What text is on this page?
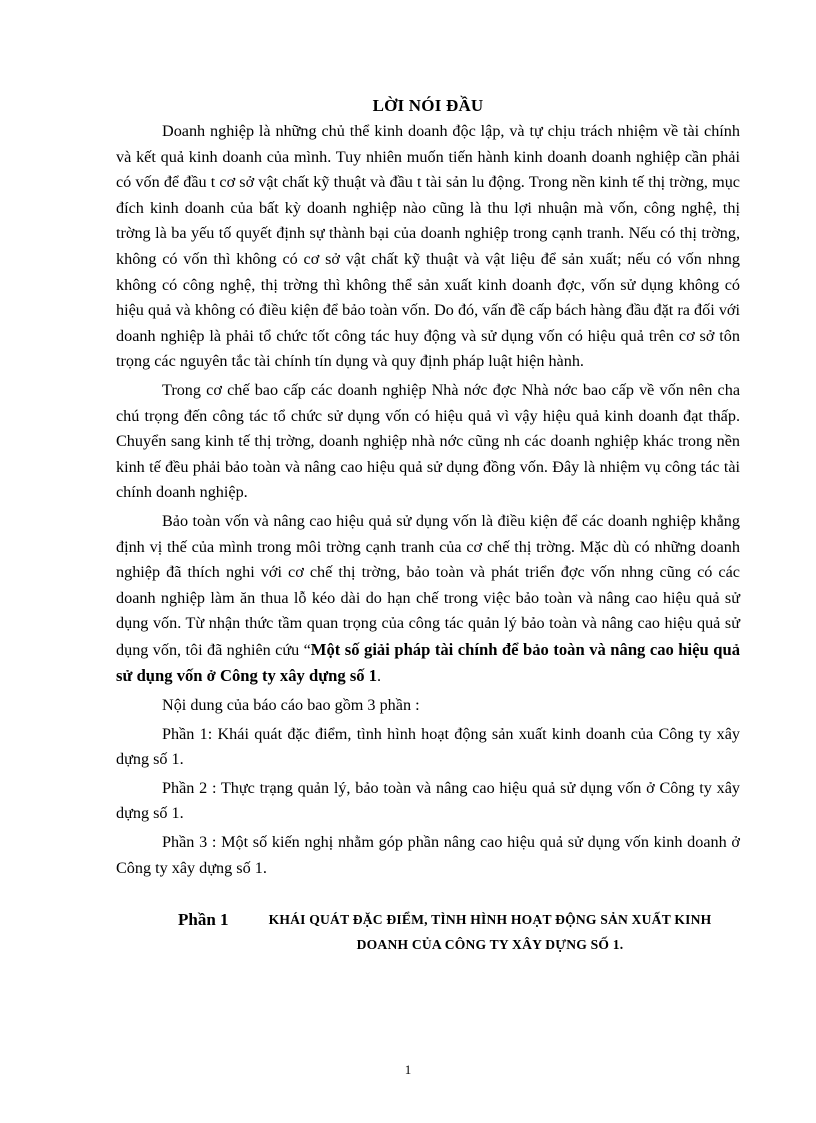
LỜI NÓI ĐẦU

Doanh nghiệp là những chủ thể kinh doanh độc lập, và tự chịu trách nhiệm về tài chính và kết quả kinh doanh của mình. Tuy nhiên muốn tiến hành kinh doanh doanh nghiệp cần phải có vốn để đầu t cơ sở vật chất kỹ thuật và đầu t tài sản lu động. Trong nền kinh tế thị trờng, mục đích kinh doanh của bất kỳ doanh nghiệp nào cũng là thu lợi nhuận mà vốn, công nghệ, thị trờng là ba yếu tố quyết định sự thành bại của doanh nghiệp trong cạnh tranh. Nếu có thị trờng, không có vốn thì không có cơ sở vật chất kỹ thuật và vật liệu để sản xuất; nếu có vốn nhng không có công nghệ, thị trờng thì không thể sản xuất kinh doanh đợc, vốn sử dụng không có hiệu quả và không có điều kiện để bảo toàn vốn. Do đó, vấn đề cấp bách hàng đầu đặt ra đối với doanh nghiệp là phải tổ chức tốt công tác huy động và sử dụng vốn có hiệu quả trên cơ sở tôn trọng các nguyên tắc tài chính tín dụng và quy định pháp luật hiện hành.

Trong cơ chế bao cấp các doanh nghiệp Nhà nớc đợc Nhà nớc bao cấp về vốn nên cha chú trọng đến công tác tổ chức sử dụng vốn có hiệu quả vì vậy hiệu quả kinh doanh đạt thấp. Chuyển sang kinh tế thị trờng, doanh nghiệp nhà nớc cũng nh các doanh nghiệp khác trong nền kinh tế đều phải bảo toàn và nâng cao hiệu quả sử dụng đồng vốn. Đây là nhiệm vụ công tác tài chính doanh nghiệp.

Bảo toàn vốn và nâng cao hiệu quả sử dụng vốn là điều kiện để các doanh nghiệp khẳng định vị thế của mình trong môi trờng cạnh tranh của cơ chế thị trờng. Mặc dù có những doanh nghiệp đã thích nghi với cơ chế thị trờng, bảo toàn và phát triển đợc vốn nhng cũng có các doanh nghiệp làm ăn thua lỗ kéo dài do hạn chế trong việc bảo toàn và nâng cao hiệu quả sử dụng vốn. Từ nhận thức tầm quan trọng của công tác quản lý bảo toàn và nâng cao hiệu quả sử dụng vốn, tôi đã nghiên cứu “Một số giải pháp tài chính để bảo toàn và nâng cao hiệu quả sử dụng vốn ở Công ty xây dựng số 1.

Nội dung của báo cáo bao gồm 3 phần :

Phần 1: Khái quát đặc điểm, tình hình hoạt động sản xuất kinh doanh của Công ty xây dựng số 1.

Phần 2 : Thực trạng quản lý, bảo toàn và nâng cao hiệu quả sử dụng vốn ở Công ty xây dựng số 1.

Phần 3 : Một số kiến nghị nhằm góp phần nâng cao hiệu quả sử dụng vốn kinh doanh ở Công ty xây dựng số 1.

Phần 1	KHÁI QUÁT ĐẶC ĐIỂM, TÌNH HÌNH HOẠT ĐỘNG SẢN XUẤT KINH DOANH CỦA CÔNG TY XÂY DỰNG SỐ 1.
1
